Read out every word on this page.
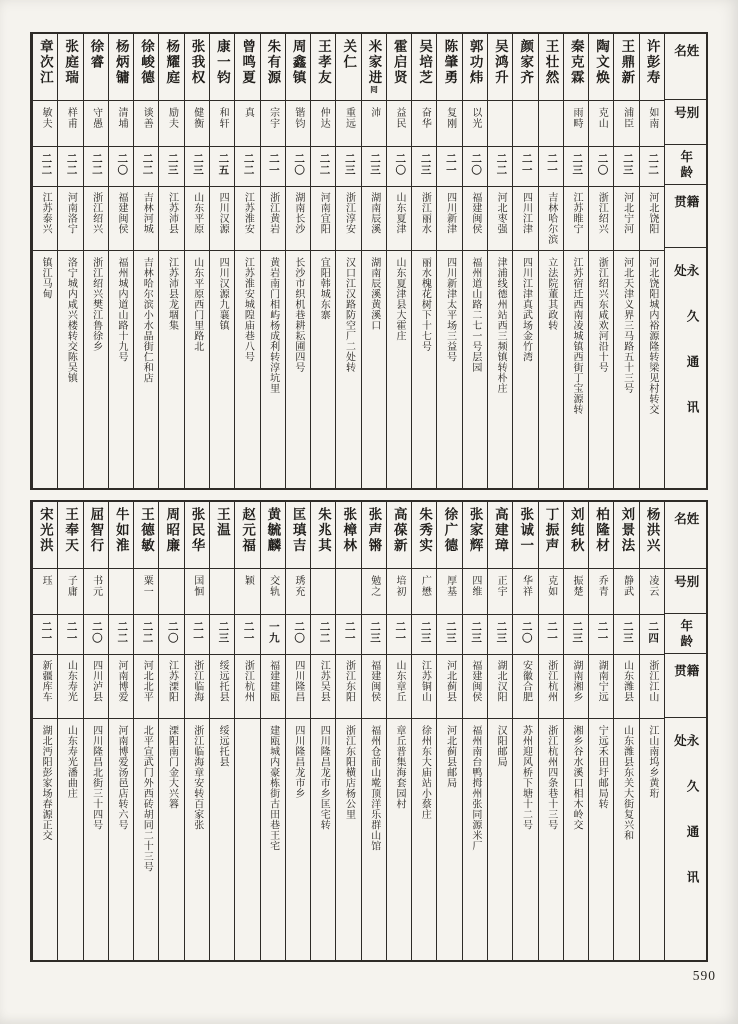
姓名
别号
年龄
籍贯
永久通讯处
许彭寿
如南
二二
河北饶阳
河北饶阳城内裕源隆转梁见村转交
王鼎新
浦臣
二三
河北宁河
河北天津义界三马路五十三号
陶文焕
克山
二〇
浙江绍兴
浙江绍兴东咸欢河沿十号
秦克霖
雨畤
二三
江苏睢宁
江苏宿迁西南凌城镇西街丁宝源转
王壮然
二一
吉林哈尔滨
立法院董其政转
颜家齐
二一
四川江津
四川江津真武场金竹湾
吴鸿升
二二
河北枣强
津浦线德州站西三频镇转朴庄
郭功炜
以光
二〇
福建闽侯
福州道山路二七一号层园
陈肇勇
复刚
二一
四川新津
四川新津太平场三益号
吴培芝
奋华
二三
浙江丽水
丽水槐花树下十七号
霍启贤
益民
二〇
山东夏津
山东夏津县大霍庄
米家进囘
沛
二三
湖南辰溪
湖南辰溪黄溪口
关仁
重远
二三
浙江淳安
汉口江汉路防空厂二处转
王孝友
仲达
二二
河南宜阳
宜阳韩城东寨
周鑫镇
锴钧
二〇
湖南长沙
长沙市织机巷耕耘圃四号
朱有源
宗宇
二一
浙江黄岩
黄岩南门相屿杨成利转淳坑里
曾鸣夏
真
二二
江苏淮安
江苏淮安城隍庙巷八号
康一钧
和轩
二五
四川汉源
四川汉源九襄镇
张我权
健衡
二三
山东平原
山东平原西门里路北
杨耀庭
励夫
二三
江苏沛县
江苏沛县龙堌集
徐峻德
谈善
二二
吉林河城
吉林哈尔滨小水晶街仁和店
杨炳镛
清埔
二〇
福建闽侯
福州城内道山路十九号
徐睿
守愚
二二
浙江绍兴
浙江绍兴樊江鲁徐乡
张庭瑞
样甫
二二
河南洛宁
洛宁城内咸兴楼转交陈吴镇
章次江
敏夫
二二
江苏泰兴
镇江马甸
姓名
别号
年龄
籍贯
永久通讯处
杨洪兴
凌云
二四
浙江江山
江山南坞乡黄珩
刘景法
静武
二三
山东潍县
山东潍县东关大街复兴和
柏隆材
乔青
二一
湖南宁远
宁远禾田圩邮局转
刘纯秋
振楚
二三
湖南湘乡
湘乡谷水溪口相木岭交
丁振声
克如
二一
浙江杭州
浙江杭州四条巷十三号
张诚一
华祥
二〇
安徽合肥
苏州迎风桥下塘十二号
高建璋
正宇
二三
湖北汉阳
汉阳邮局
张家辉
四维
二三
福建闽侯
福州南台鸭拇州张同源米厂
徐广德
厚基
二三
河北蓟县
河北蓟县邮局
朱秀实
广懋
二三
江苏铜山
徐州东大庙站小蔡庄
高葆新
培初
二一
山东章丘
章丘普集海套园村
张声锵
勉之
二三
福建闽侯
福州仓前山墘顶洋乐群山馆
张樟林
二一
浙江东阳
浙江东阳横店杨公里
朱兆其
二二
江苏吴县
四川隆昌龙市乡匡宅转
匡瑱吉
琇充
二〇
四川隆昌
四川隆昌龙市乡
黄毓麟
交轨
一九
福建建瓯
建瓯城内豪栋街古田巷王宅
赵元福
颖
二一
浙江杭州
王温
二三
绥远托县
绥远托县
张民华
国恛
二一
浙江临海
浙江临海章安转百家张
周昭廉
二〇
江苏溧阳
溧阳南门金大兴簭
王德敏
粟一
二二
河北北平
北平宣武门外西砖胡同二十三号
牛如淮
二二
河南博爱
河南博爱汤邑店转六号
屈智行
书元
二〇
四川泸县
四川隆昌北街三十四号
王奉天
子庸
二一
山东寿光
山东寿光潘曲庄
宋光洪
珏
二一
新疆库车
湖北沔阳彭家场春源正交
590
